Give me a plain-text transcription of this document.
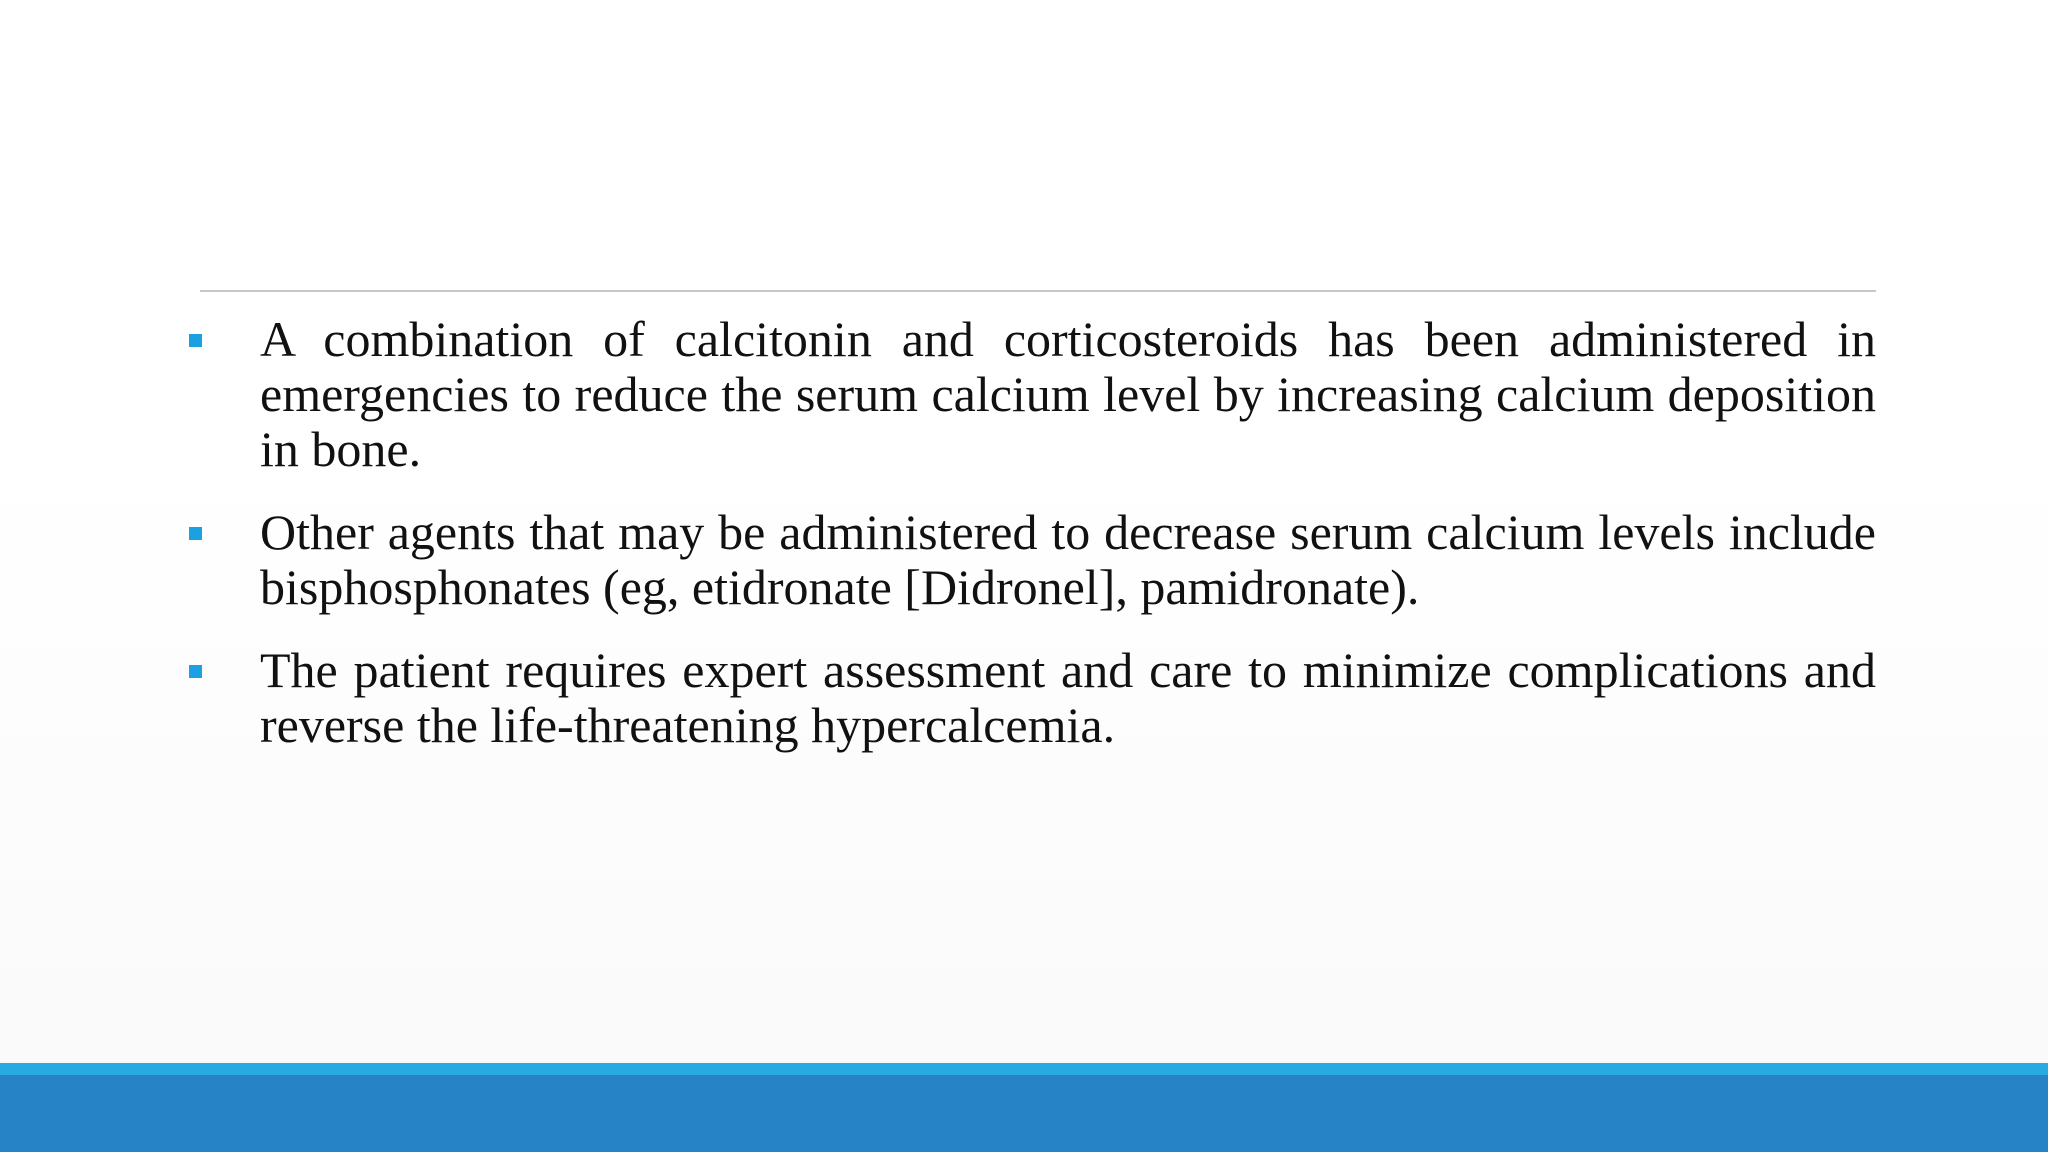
A combination of calcitonin and corticosteroids has been administered in emergencies to reduce the serum calcium level by increasing calcium deposition in bone.
Other agents that may be administered to decrease serum calcium levels include bisphosphonates (eg, etidronate [Didronel], pamidronate).
The patient requires expert assessment and care to minimize complications and reverse the life-threatening hypercalcemia.
